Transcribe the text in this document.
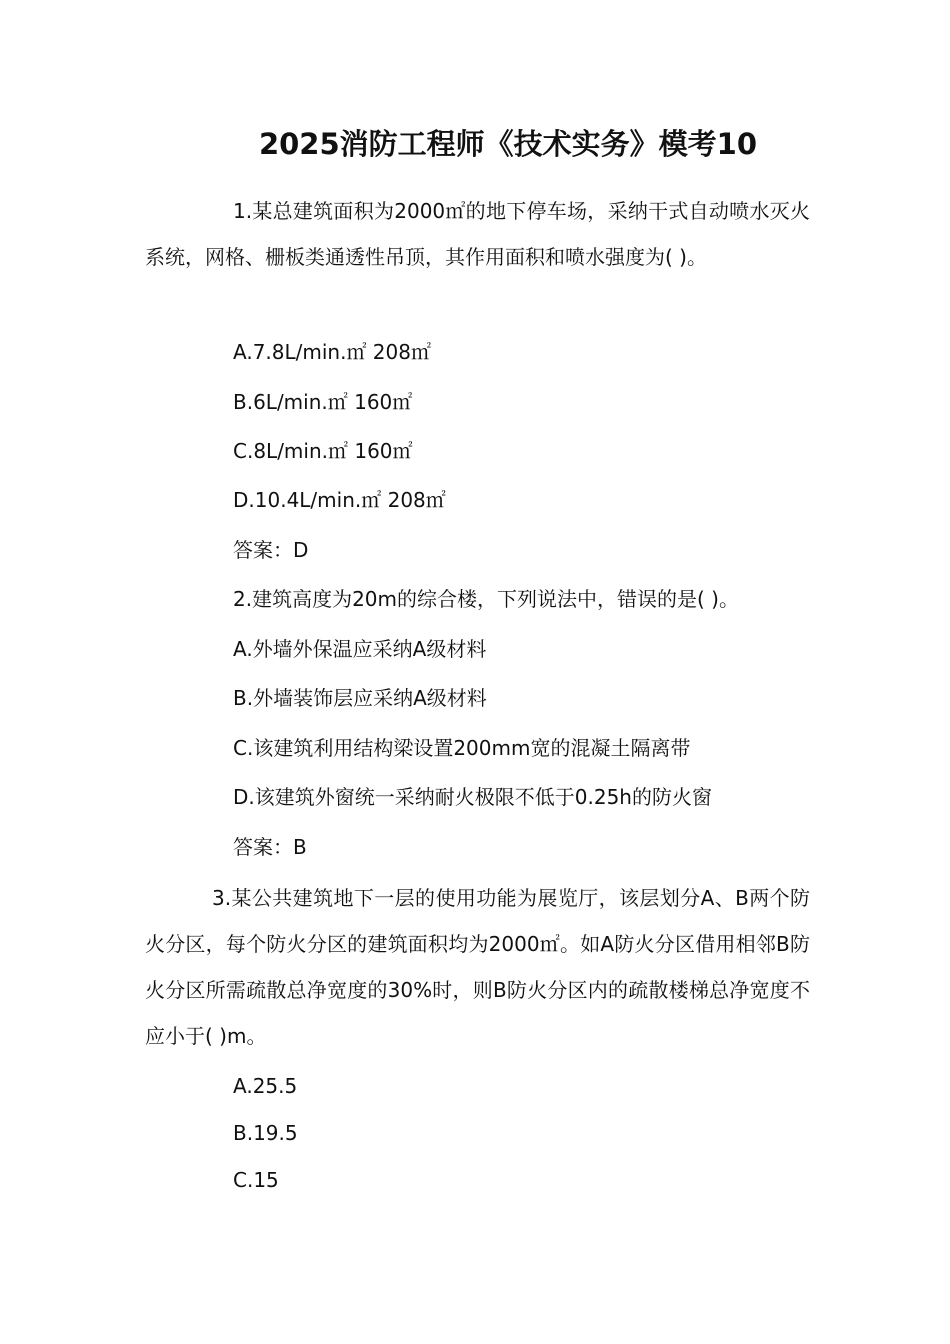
2025消防工程师《技术实务》模考10
1.某总建筑面积为2000㎡的地下停车场，采纳干式自动喷水灭火系统，网格、栅板类通透性吊顶，其作用面积和喷水强度为( )。
A.7.8L/min.㎡ 208㎡
B.6L/min.㎡ 160㎡
C.8L/min.㎡ 160㎡
D.10.4L/min.㎡ 208㎡
答案：D
2.建筑高度为20m的综合楼，下列说法中，错误的是( )。
A.外墙外保温应采纳A级材料
B.外墙装饰层应采纳A级材料
C.该建筑利用结构梁设置200mm宽的混凝土隔离带
D.该建筑外窗统一采纳耐火极限不低于0.25h的防火窗
答案：B
3.某公共建筑地下一层的使用功能为展览厅，该层划分A、B两个防火分区，每个防火分区的建筑面积均为2000㎡。如A防火分区借用相邻B防火分区所需疏散总净宽度的30%时，则B防火分区内的疏散楼梯总净宽度不应小于( )m。
A.25.5
B.19.5
C.15
